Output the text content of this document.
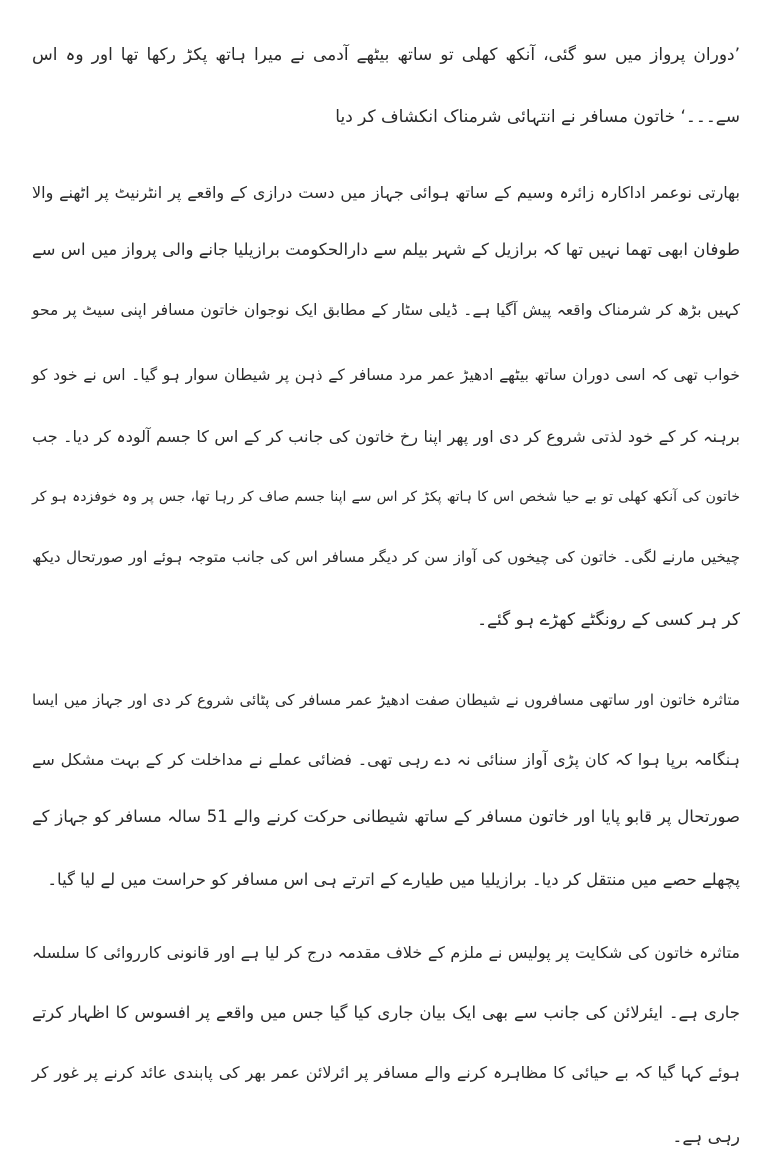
’دوران پرواز میں سو گئی، آنکھ کھلی تو ساتھ بیٹھے آدمی نے میرا ہاتھ پکڑ رکھا تھا اور وہ اس
سے۔۔۔‘ خاتون مسافر نے انتہائی شرمناک انکشاف کر دیا
بھارتی نوعمر اداکارہ زائرہ وسیم کے ساتھ ہوائی جہاز میں دست درازی کے واقعے پر انٹرنیٹ پر اٹھنے والا
طوفان ابھی تھما نہیں تھا کہ برازیل کے شہر بیلم سے دارالحکومت برازیلیا جانے والی پرواز میں اس سے
کہیں بڑھ کر شرمناک واقعہ پیش آگیا ہے۔ ڈیلی سٹار کے مطابق ایک نوجوان خاتون مسافر اپنی سیٹ پر محو
خواب تھی کہ اسی دوران ساتھ بیٹھے ادھیڑ عمر مرد مسافر کے ذہن پر شیطان سوار ہو گیا۔ اس نے خود کو
برہنہ کر کے خود لذتی شروع کر دی اور پھر اپنا رخ خاتون کی جانب کر کے اس کا جسم آلودہ کر دیا۔ جب
خاتون کی آنکھ کھلی تو بے حیا شخص اس کا ہاتھ پکڑ کر اس سے اپنا جسم صاف کر رہا تھا، جس پر وہ خوفزدہ ہو کر
چیخیں مارنے لگی۔ خاتون کی چیخوں کی آواز سن کر دیگر مسافر اس کی جانب متوجہ ہوئے اور صورتحال دیکھ
کر ہر کسی کے رونگٹے کھڑے ہو گئے۔
متاثرہ خاتون اور ساتھی مسافروں نے شیطان صفت ادھیڑ عمر مسافر کی پٹائی شروع کر دی اور جہاز میں ایسا
ہنگامہ برپا ہوا کہ کان پڑی آواز سنائی نہ دے رہی تھی۔ فضائی عملے نے مداخلت کر کے بہت مشکل سے
صورتحال پر قابو پایا اور خاتون مسافر کے ساتھ شیطانی حرکت کرنے والے 51 سالہ مسافر کو جہاز کے
پچھلے حصے میں منتقل کر دیا۔ برازیلیا میں طیارے کے اترتے ہی اس مسافر کو حراست میں لے لیا گیا۔
متاثرہ خاتون کی شکایت پر پولیس نے ملزم کے خلاف مقدمہ درج کر لیا ہے اور قانونی کارروائی کا سلسلہ
جاری ہے۔ ایئرلائن کی جانب سے بھی ایک بیان جاری کیا گیا جس میں واقعے پر افسوس کا اظہار کرتے
ہوئے کہا گیا کہ بے حیائی کا مظاہرہ کرنے والے مسافر پر ائرلائن عمر بھر کی پابندی عائد کرنے پر غور کر
رہی ہے۔
